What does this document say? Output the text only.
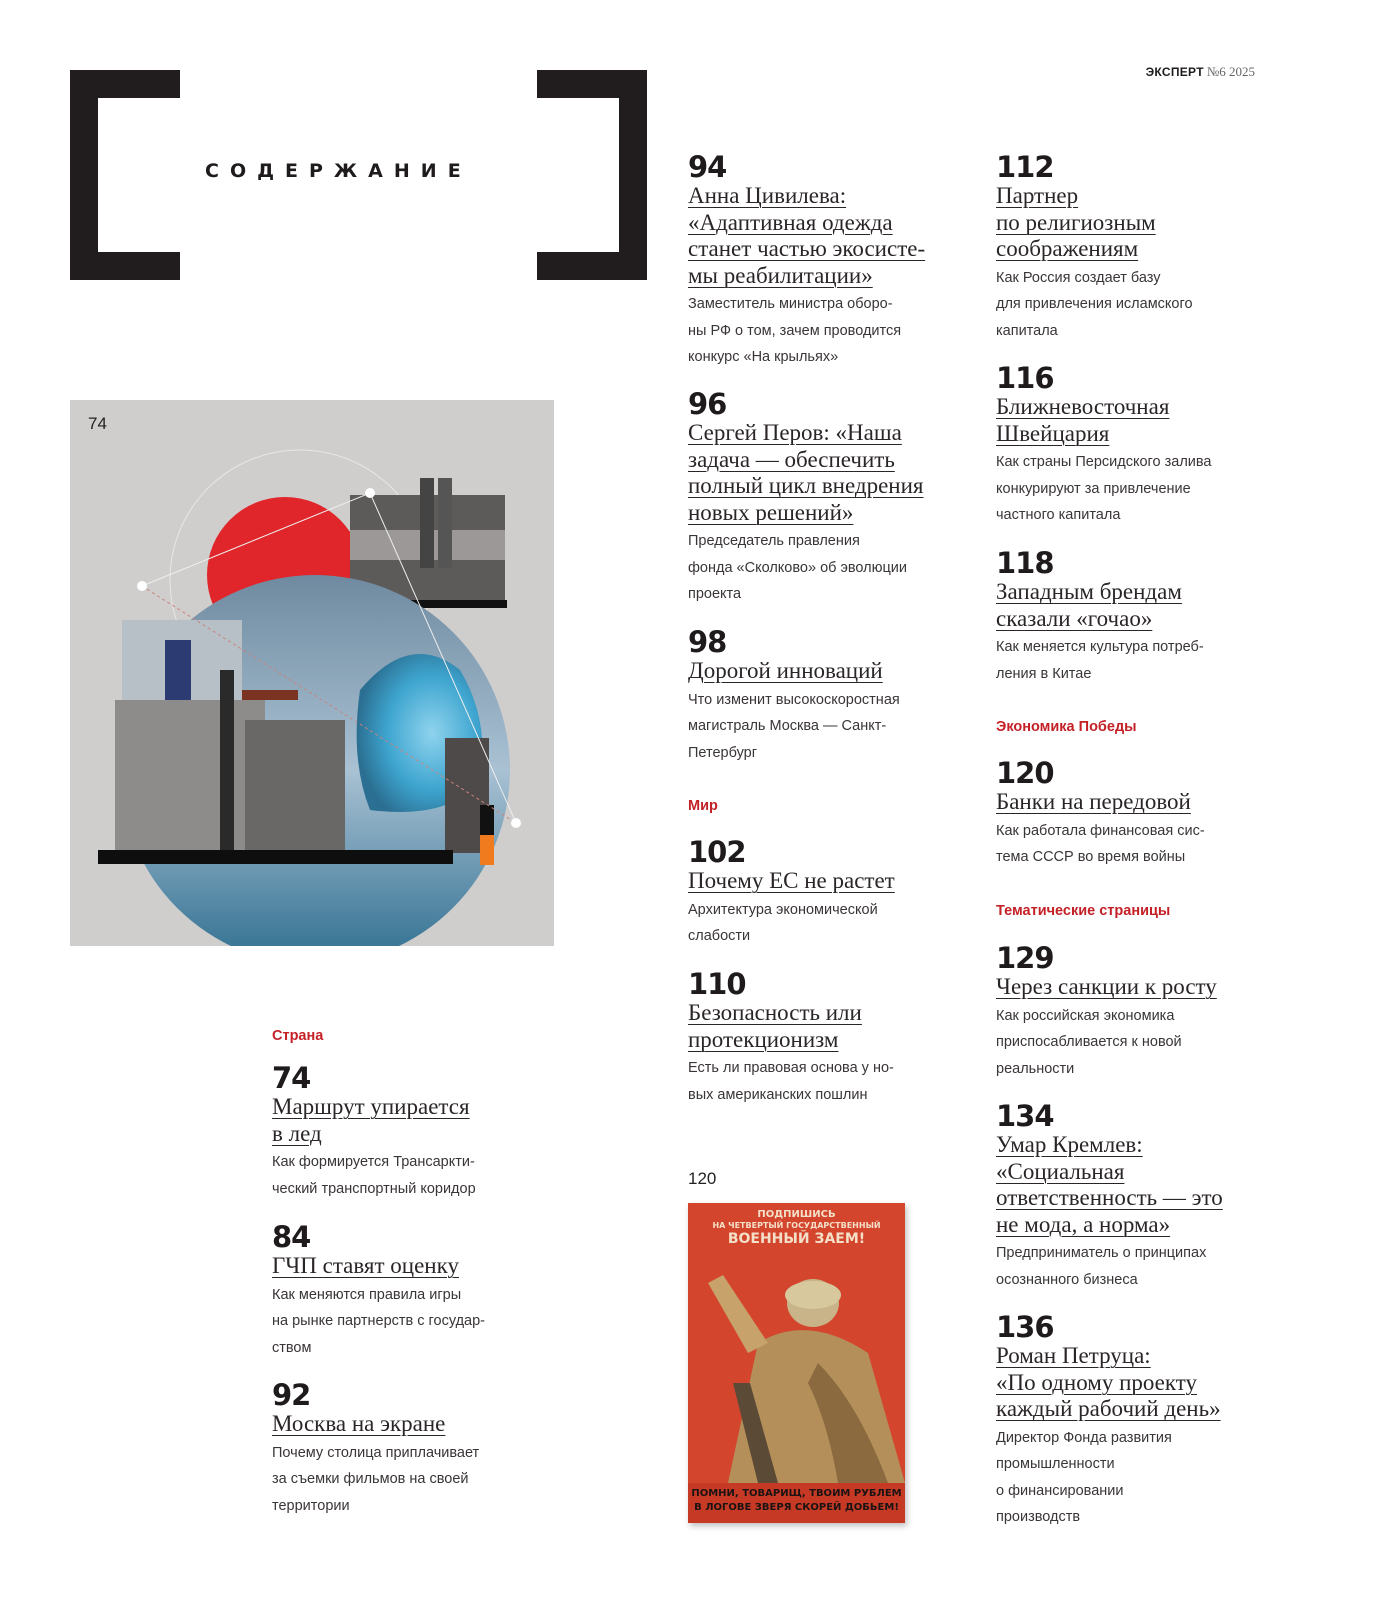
ЭКСПЕРТ №6 2025
СОДЕРЖАНИЕ
74
Страна
74
Маршрут упирается
в лед
Как формируется Трансаркти-
ческий транспортный коридор
84
ГЧП ставят оценку
Как меняются правила игры
на рынке партнерств с государ-
ством
92
Москва на экране
Почему столица приплачивает
за съемки фильмов на своей
территории
94
Анна Цивилева:
«Адаптивная одежда
станет частью экосисте-
мы реабилитации»
Заместитель министра оборо-
ны РФ о том, зачем проводится
конкурс «На крыльях»
96
Сергей Перов: «Наша
задача — обеспечить
полный цикл внедрения
новых решений»
Председатель правления
фонда «Сколково» об эволюции
проекта
98
Дорогой инноваций
Что изменит высокоскоростная
магистраль Москва — Санкт-
Петербург
Мир
102
Почему ЕС не растет
Архитектура экономической
слабости
110
Безопасность или
протекционизм
Есть ли правовая основа у но-
вых американских пошлин
120
ПОДПИШИСЬ
НА ЧЕТВЕРТЫЙ ГОСУДАРСТВЕННЫЙ
ВОЕННЫЙ ЗАЕМ!
ПОМНИ, ТОВАРИЩ, ТВОИМ РУБЛЕМ
В ЛОГОВЕ ЗВЕРЯ СКОРЕЙ ДОБЬЕМ!
112
Партнер
по религиозным
соображениям
Как Россия создает базу
для привлечения исламского
капитала
116
Ближневосточная
Швейцария
Как страны Персидского залива
конкурируют за привлечение
частного капитала
118
Западным брендам
сказали «гочао»
Как меняется культура потреб-
ления в Китае
Экономика Победы
120
Банки на передовой
Как работала финансовая сис-
тема СССР во время войны
Тематические страницы
129
Через санкции к росту
Как российская экономика
приспосабливается к новой
реальности
134
Умар Кремлев:
«Социальная
ответственность — это
не мода, а норма»
Предприниматель о принципах
осознанного бизнеса
136
Роман Петруца:
«По одному проекту
каждый рабочий день»
Директор Фонда развития
промышленности
о финансировании
производств
